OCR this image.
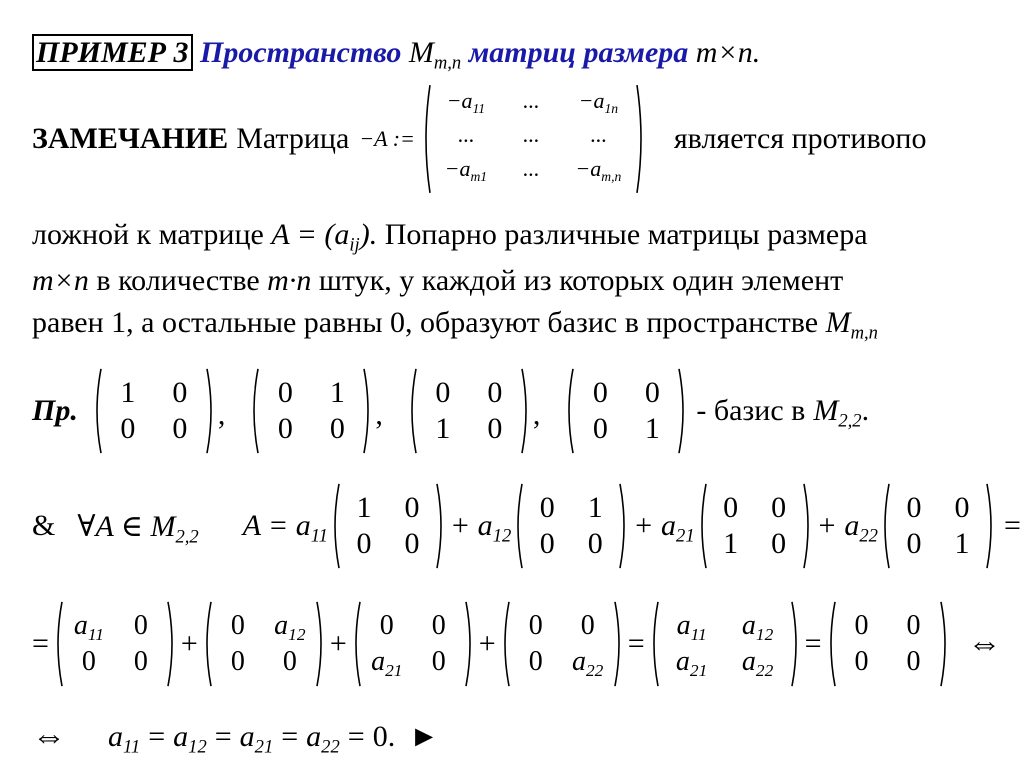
ПРИМЕР 3 Пространство $M_{m,n}$ матриц размера m×n.
ЗАМЕЧАНИЕ Матрица −A :=
$-a_{11}$ ... $-a_{1n}$
... ... ...
$-a_{m1}$ ... $-a_{m,n}$
является противопо
ложной к матрице $A = (a_{ij})$. Попарно различные матрицы размера
m×n в количестве m·n штук, у каждой из которых один элемент
равен 1, а остальные равны 0, образуют базис в пространстве $M_{m,n}$
Пр.
1 0
0 0 ,
0 1
0 0 ,
0 0
1 0 ,
0 0
0 1
- базис в $M_{2,2}$ .
& ∀A ∈ $M_{2,2}$ $A = a_{11}$
1 0
0 0
+ $a_{12}$
0 1
0 0
+ $a_{21}$
0 0
1 0
+ $a_{22}$
0 0
0 1
=
=
$a_{11}$ 0
0 0
+
0 $a_{12}$
0 0
+
0 0
$a_{21}$ 0
+
0 0
0 $a_{22}$
=
$a_{11}$ $a_{12}$
$a_{21}$ $a_{22}$
=
0 0
0 0 ⇔
⇔ $a_{11} = a_{12} = a_{21} = a_{22} = 0$. ►
